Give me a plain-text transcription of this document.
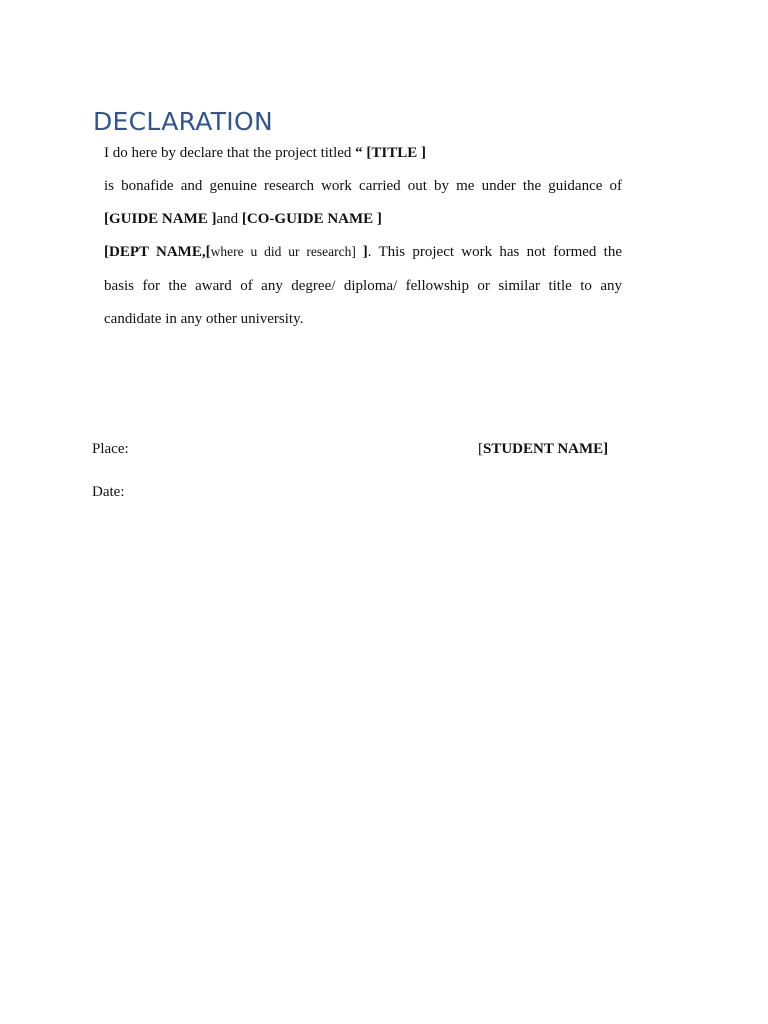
DECLARATION
I do here by declare that the project titled “ [TITLE ]
is bonafide and genuine research work carried out by me under the guidance of
[GUIDE NAME ]and [CO-GUIDE NAME ]
[DEPT NAME,[where u did ur research] ]. This project work has not formed the
basis for the award of any degree/ diploma/ fellowship or similar title to any
candidate in any other university.
Place:	[STUDENT NAME]
Date:
